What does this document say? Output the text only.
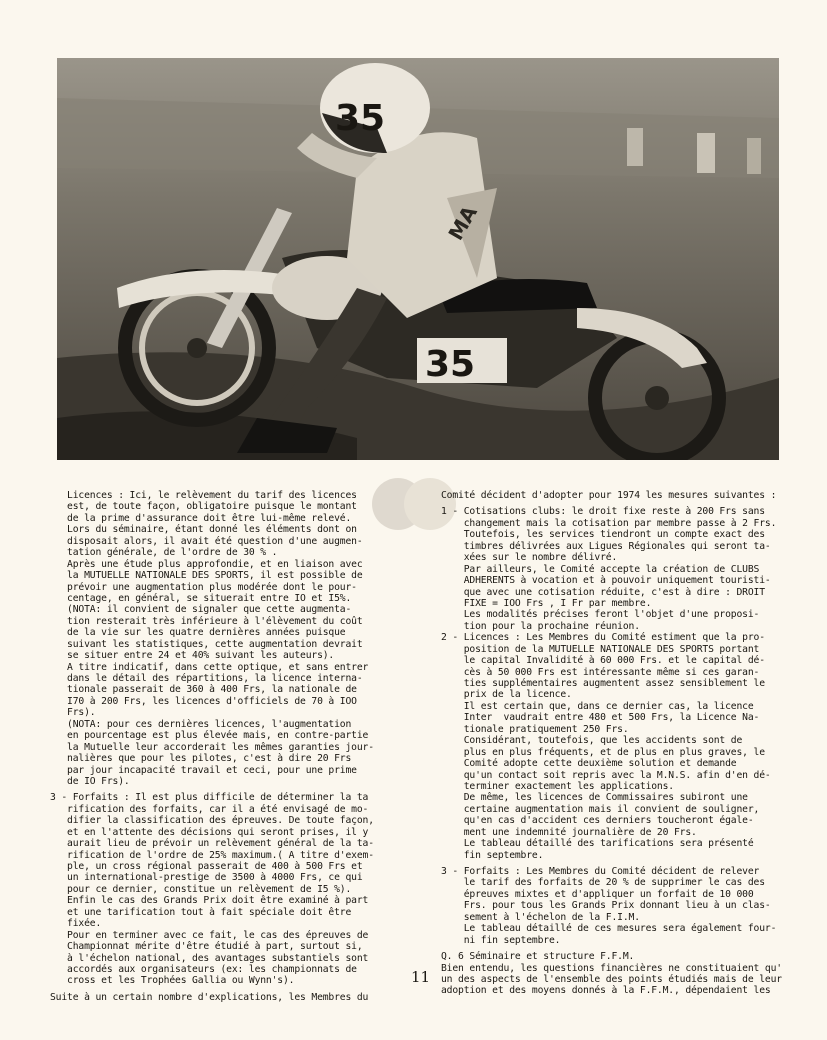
35
MA
35
Licences : Ici, le relèvement du tarif des licences
est, de toute façon, obligatoire puisque le montant
de la prime d'assurance doit être lui-même relevé.
Lors du séminaire, étant donné les éléments dont on
disposait alors, il avait été question d'une augmen-
tation générale, de l'ordre de 30 % .
Après une étude plus approfondie, et en liaison avec
la MUTUELLE NATIONALE DES SPORTS, il est possible de
prévoir une augmentation plus modérée dont le pour-
centage, en général, se situerait entre IO et I5%.
(NOTA: il convient de signaler que cette augmenta-
tion resterait très inférieure à l'élèvement du coût
de la vie sur les quatre dernières années puisque
suivant les statistiques, cette augmentation devrait
se situer entre 24 et 40% suivant les auteurs).
A titre indicatif, dans cette optique, et sans entrer
dans le détail des répartitions, la licence interna-
tionale passerait de 360 à 400 Frs, la nationale de
I70 à 200 Frs, les licences d'officiels de 70 à IOO
Frs).
(NOTA: pour ces dernières licences, l'augmentation
en pourcentage est plus élevée mais, en contre-partie
la Mutuelle leur accorderait les mêmes garanties jour-
nalières que pour les pilotes, c'est à dire 20 Frs
par jour incapacité travail et ceci, pour une prime
de IO Frs).
3 - Forfaits : Il est plus difficile de déterminer la ta
rification des forfaits, car il a été envisagé de mo-
difier la classification des épreuves. De toute façon,
et en l'attente des décisions qui seront prises, il y
aurait lieu de prévoir un relèvement général de la ta-
rification de l'ordre de 25% maximum.( A titre d'exem-
ple, un cross régional passerait de 400 à 500 Frs et
un international-prestige de 3500 à 4000 Frs, ce qui
pour ce dernier, constitue un relèvement de I5 %).
Enfin le cas des Grands Prix doit être examiné à part
et une tarification tout à fait spéciale doit être
fixée.
Pour en terminer avec ce fait, le cas des épreuves de
Championnat mérite d'être étudié à part, surtout si,
à l'échelon national, des avantages substantiels sont
accordés aux organisateurs (ex: les championnats de
cross et les Trophées Gallia ou Wynn's).
Suite à un certain nombre d'explications, les Membres du
Comité décident d'adopter pour 1974 les mesures suivantes :
1 - Cotisations clubs: le droit fixe reste à 200 Frs sans
changement mais la cotisation par membre passe à 2 Frs.
Toutefois, les services tiendront un compte exact des
timbres délivrées aux Ligues Régionales qui seront ta-
xées sur le nombre délivré.
Par ailleurs, le Comité accepte la création de CLUBS
ADHERENTS à vocation et à pouvoir uniquement touristi-
que avec une cotisation réduite, c'est à dire : DROIT
FIXE = IOO Frs , I Fr par membre.
Les modalités précises feront l'objet d'une proposi-
tion pour la prochaine réunion.
2 - Licences : Les Membres du Comité estiment que la pro-
position de la MUTUELLE NATIONALE DES SPORTS portant
le capital Invalidité à 60 000 Frs. et le capital dé-
cès à 50 000 Frs est intéressante même si ces garan-
ties supplémentaires augmentent assez sensiblement le
prix de la licence.
Il est certain que, dans ce dernier cas, la licence
Inter  vaudrait entre 480 et 500 Frs, la Licence Na-
tionale pratiquement 250 Frs.
Considérant, toutefois, que les accidents sont de
plus en plus fréquents, et de plus en plus graves, le
Comité adopte cette deuxième solution et demande
qu'un contact soit repris avec la M.N.S. afin d'en dé-
terminer exactement les applications.
De même, les licences de Commissaires subiront une
certaine augmentation mais il convient de souligner,
qu'en cas d'accident ces derniers toucheront égale-
ment une indemnité journalière de 20 Frs.
Le tableau détaillé des tarifications sera présenté
fin septembre.
3 - Forfaits : Les Membres du Comité décident de relever
le tarif des forfaits de 20 % de supprimer le cas des
épreuves mixtes et d'appliquer un forfait de 10 000
Frs. pour tous les Grands Prix donnant lieu à un clas-
sement à l'échelon de la F.I.M.
Le tableau détaillé de ces mesures sera également four-
ni fin septembre.
Q. 6 Séminaire et structure F.F.M.
Bien entendu, les questions financières ne constituaient qu'
un des aspects de l'ensemble des points étudiés mais de leur
adoption et des moyens donnés à la F.F.M., dépendaient les
11
